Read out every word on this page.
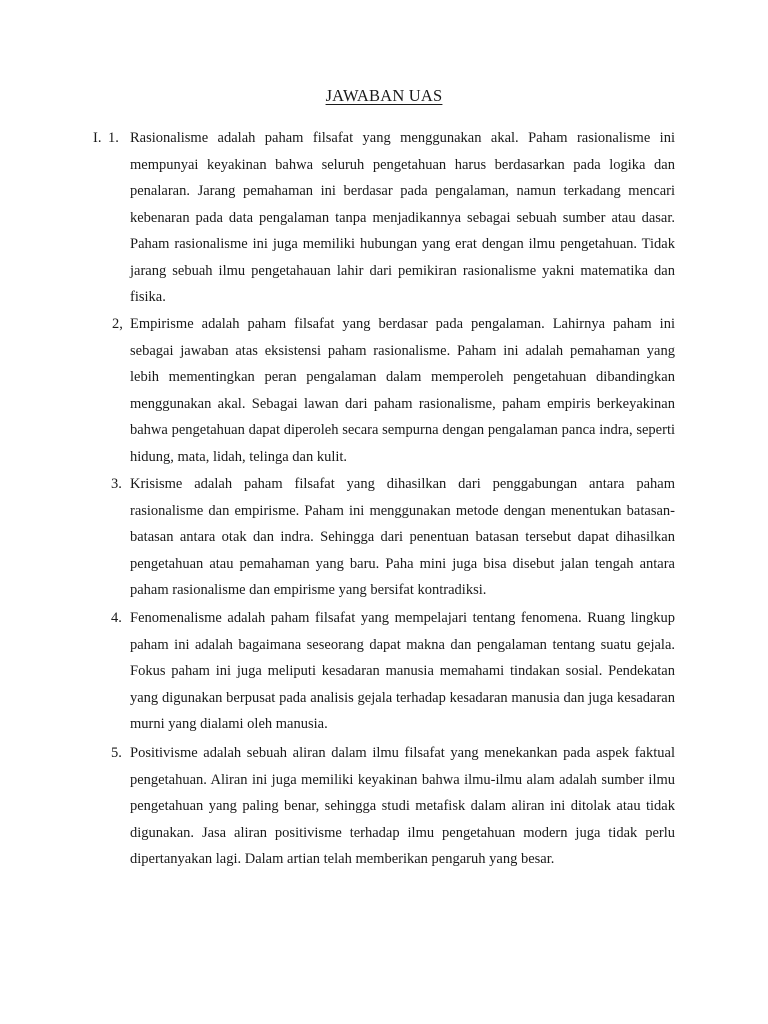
JAWABAN UAS
I. 1. Rasionalisme adalah paham filsafat yang menggunakan akal. Paham rasionalisme ini mempunyai keyakinan bahwa seluruh pengetahuan harus berdasarkan pada logika dan penalaran. Jarang pemahaman ini berdasar pada pengalaman, namun terkadang mencari kebenaran pada data pengalaman tanpa menjadikannya sebagai sebuah sumber atau dasar. Paham rasionalisme ini juga memiliki hubungan yang erat dengan ilmu pengetahuan. Tidak jarang sebuah ilmu pengetahauan lahir dari pemikiran rasionalisme yakni matematika dan fisika.
2, Empirisme adalah paham filsafat yang berdasar pada pengalaman. Lahirnya paham ini sebagai jawaban atas eksistensi paham rasionalisme. Paham ini adalah pemahaman yang lebih mementingkan peran pengalaman dalam memperoleh pengetahuan dibandingkan menggunakan akal. Sebagai lawan dari paham rasionalisme, paham empiris berkeyakinan bahwa pengetahuan dapat diperoleh secara sempurna dengan pengalaman panca indra, seperti hidung, mata, lidah, telinga dan kulit.
3. Krisisme adalah paham filsafat yang dihasilkan dari penggabungan antara paham rasionalisme dan empirisme. Paham ini menggunakan metode dengan menentukan batasan-batasan antara otak dan indra. Sehingga dari penentuan batasan tersebut dapat dihasilkan pengetahuan atau pemahaman yang baru. Paha mini juga bisa disebut jalan tengah antara paham rasionalisme dan empirisme yang bersifat kontradiksi.
4. Fenomenalisme adalah paham filsafat yang mempelajari tentang fenomena. Ruang lingkup paham ini adalah bagaimana seseorang dapat makna dan pengalaman tentang suatu gejala. Fokus paham ini juga meliputi kesadaran manusia memahami tindakan sosial. Pendekatan yang digunakan berpusat pada analisis gejala terhadap kesadaran manusia dan juga kesadaran murni yang dialami oleh manusia.
5. Positivisme adalah sebuah aliran dalam ilmu filsafat yang menekankan pada aspek faktual pengetahuan. Aliran ini juga memiliki keyakinan bahwa ilmu-ilmu alam adalah sumber ilmu pengetahuan yang paling benar, sehingga studi metafisk dalam aliran ini ditolak atau tidak digunakan. Jasa aliran positivisme terhadap ilmu pengetahuan modern juga tidak perlu dipertanyakan lagi. Dalam artian telah memberikan pengaruh yang besar.
